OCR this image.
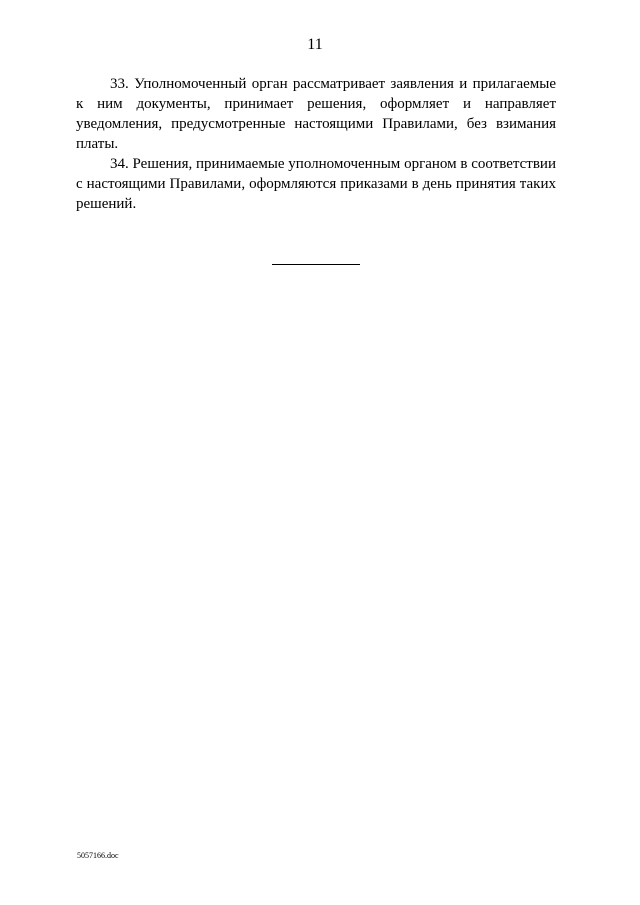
11

33. Уполномоченный орган рассматривает заявления и прилагаемые к ним документы, принимает решения, оформляет и направляет уведомления, предусмотренные настоящими Правилами, без взимания платы.

34. Решения, принимаемые уполномоченным органом в соответствии с настоящими Правилами, оформляются приказами в день принятия таких решений.

5057166.doc
